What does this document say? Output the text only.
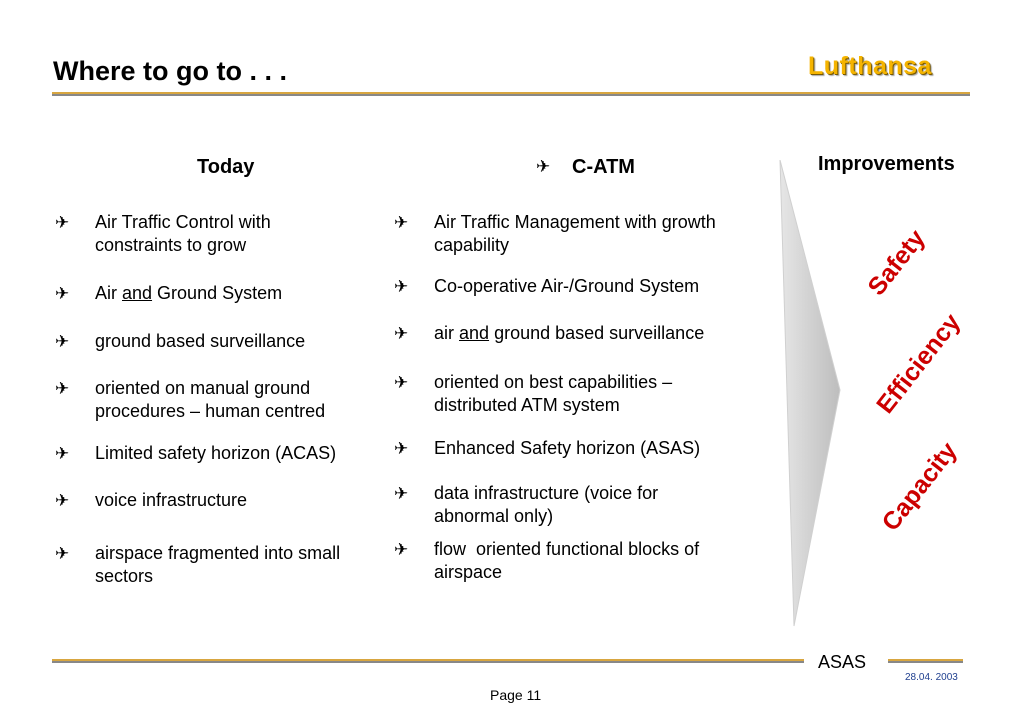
Where to go to . . .	Lufthansa
Today	✈ C-ATM	Improvements
✈ Air Traffic Control with
constraints to grow
✈ Air and Ground System
✈ ground based surveillance
✈ oriented on manual ground
procedures – human centred
✈ Limited safety horizon (ACAS)
✈ voice infrastructure
✈ airspace fragmented into small
sectors
✈ Air Traffic Management with growth
capability
✈ Co-operative Air-/Ground System
✈ air and ground based surveillance
✈ oriented on best capabilities –
distributed ATM system
✈ Enhanced Safety horizon (ASAS)
✈ data infrastructure (voice for
abnormal only)
✈ flow  oriented functional blocks of
airspace
Safety
Efficiency
Capacity
ASAS
28.04. 2003
Page 11
